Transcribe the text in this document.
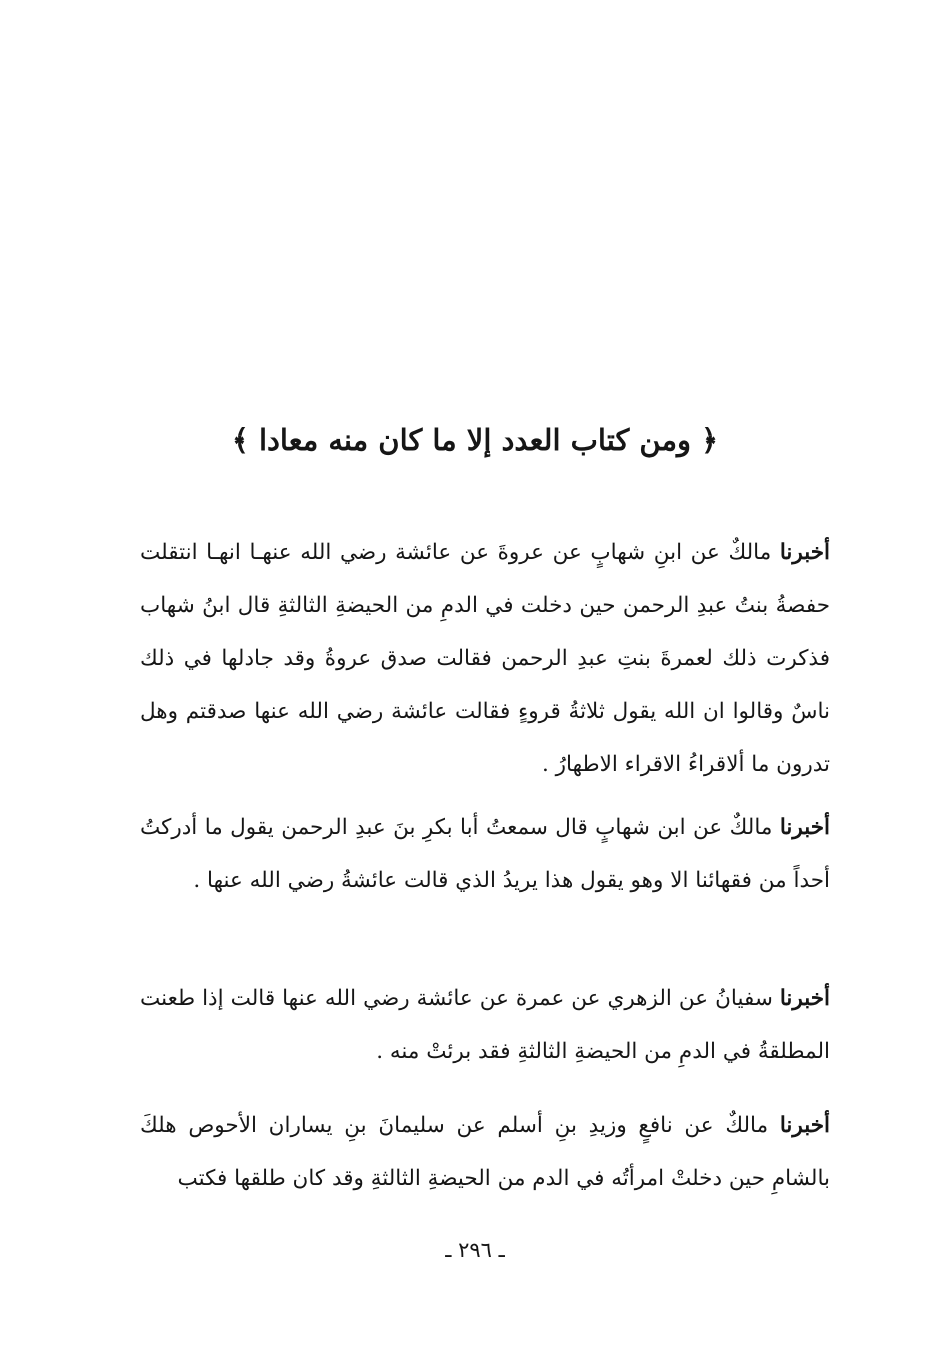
﴿ ومن كتاب العدد إلا ما كان منه معادا ﴾

أخبرنا مالكٌ عن ابنِ شهابٍ عن عروةَ عن عائشة رضي الله عنهـا انهـا انتقلت حفصةُ بنتُ عبدِ الرحمن حين دخلت في الدمِ من الحيضةِ الثالثةِ قال ابنُ شهاب فذكرت ذلك لعمرةَ بنتِ عبدِ الرحمن فقالت صدق عروةُ وقد جادلها في ذلك ناسٌ وقالوا ان الله يقول ثلاثةُ قروءٍ فقالت عائشة رضي الله عنها صدقتم وهل تدرون ما ألاقراءُ الاقراء الاطهارُ .

أخبرنا مالكٌ عن ابن شهابٍ قال سمعتُ أبا بكرِ بنَ عبدِ الرحمن يقول ما أدركتُ أحداً من فقهائنا الا وهو يقول هذا يريدُ الذي قالت عائشةُ رضي الله عنها .

أخبرنا سفيانُ عن الزهري عن عمرة عن عائشة رضي الله عنها قالت إذا طعنت المطلقةُ في الدمِ من الحيضةِ الثالثةِ فقد برئتْ منه .

أخبرنا مالكٌ عن نافعٍ وزيدِ بنِ أسلم عن سليمانَ بنِ يساران الأحوص هلكَ بالشامِ حين دخلتْ امرأتُه في الدم من الحيضةِ الثالثةِ وقد كان طلقها فكتب

ـ ٢٩٦ ـ
